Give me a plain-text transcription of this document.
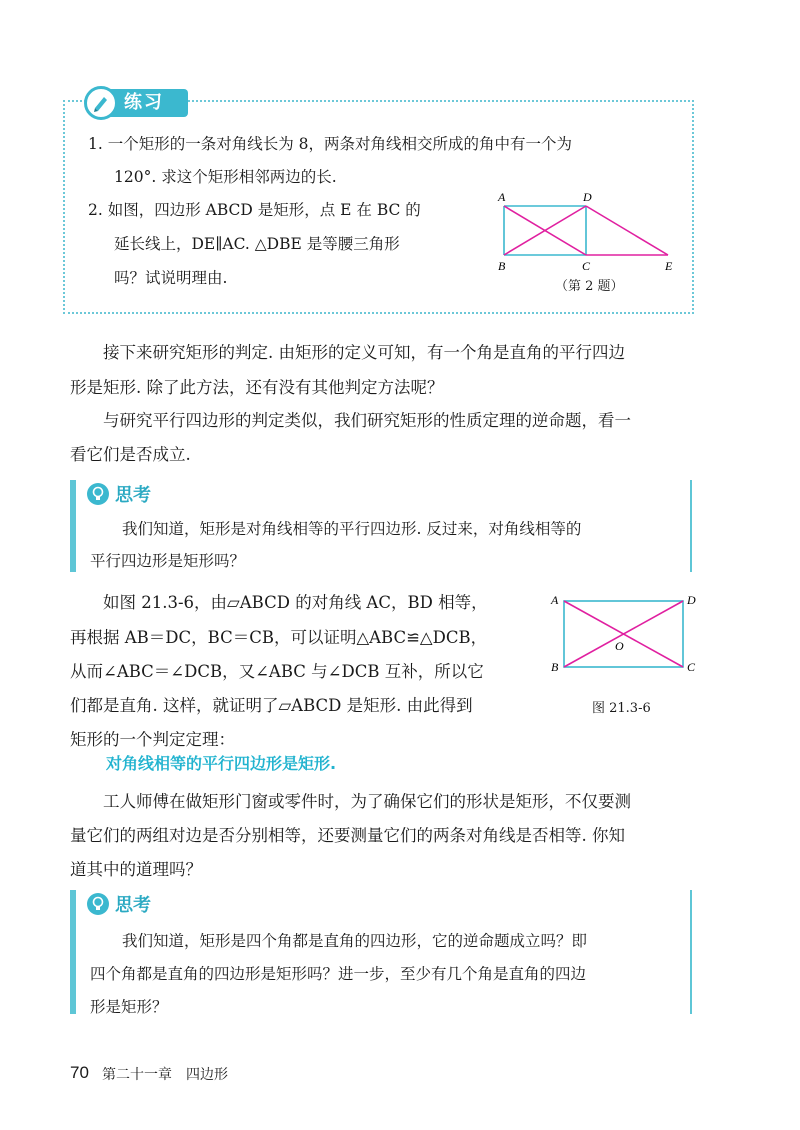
练习
1. 一个矩形的一条对角线长为 8，两条对角线相交所成的角中有一个为
120°. 求这个矩形相邻两边的长.
2. 如图，四边形 ABCD 是矩形，点 E 在 BC 的
延长线上，DE∥AC. △DBE 是等腰三角形
吗？试说明理由.
A	D
B	C	E
（第 2 题）
接下来研究矩形的判定. 由矩形的定义可知，有一个角是直角的平行四边
形是矩形. 除了此方法，还有没有其他判定方法呢？
与研究平行四边形的判定类似，我们研究矩形的性质定理的逆命题，看一
看它们是否成立.
思考
我们知道，矩形是对角线相等的平行四边形. 反过来，对角线相等的
平行四边形是矩形吗？
如图 21.3-6，由▱ABCD 的对角线 AC，BD 相等，
再根据 AB＝DC，BC＝CB，可以证明△ABC≌△DCB，
从而∠ABC＝∠DCB，又∠ABC 与∠DCB 互补，所以它
们都是直角. 这样，就证明了▱ABCD 是矩形. 由此得到
矩形的一个判定定理：
A	D
B	C
O
图 21.3-6
对角线相等的平行四边形是矩形.
工人师傅在做矩形门窗或零件时，为了确保它们的形状是矩形，不仅要测
量它们的两组对边是否分别相等，还要测量它们的两条对角线是否相等. 你知
道其中的道理吗？
思考
我们知道，矩形是四个角都是直角的四边形，它的逆命题成立吗？即
四个角都是直角的四边形是矩形吗？进一步，至少有几个角是直角的四边
形是矩形？
70 第二十一章　四边形
